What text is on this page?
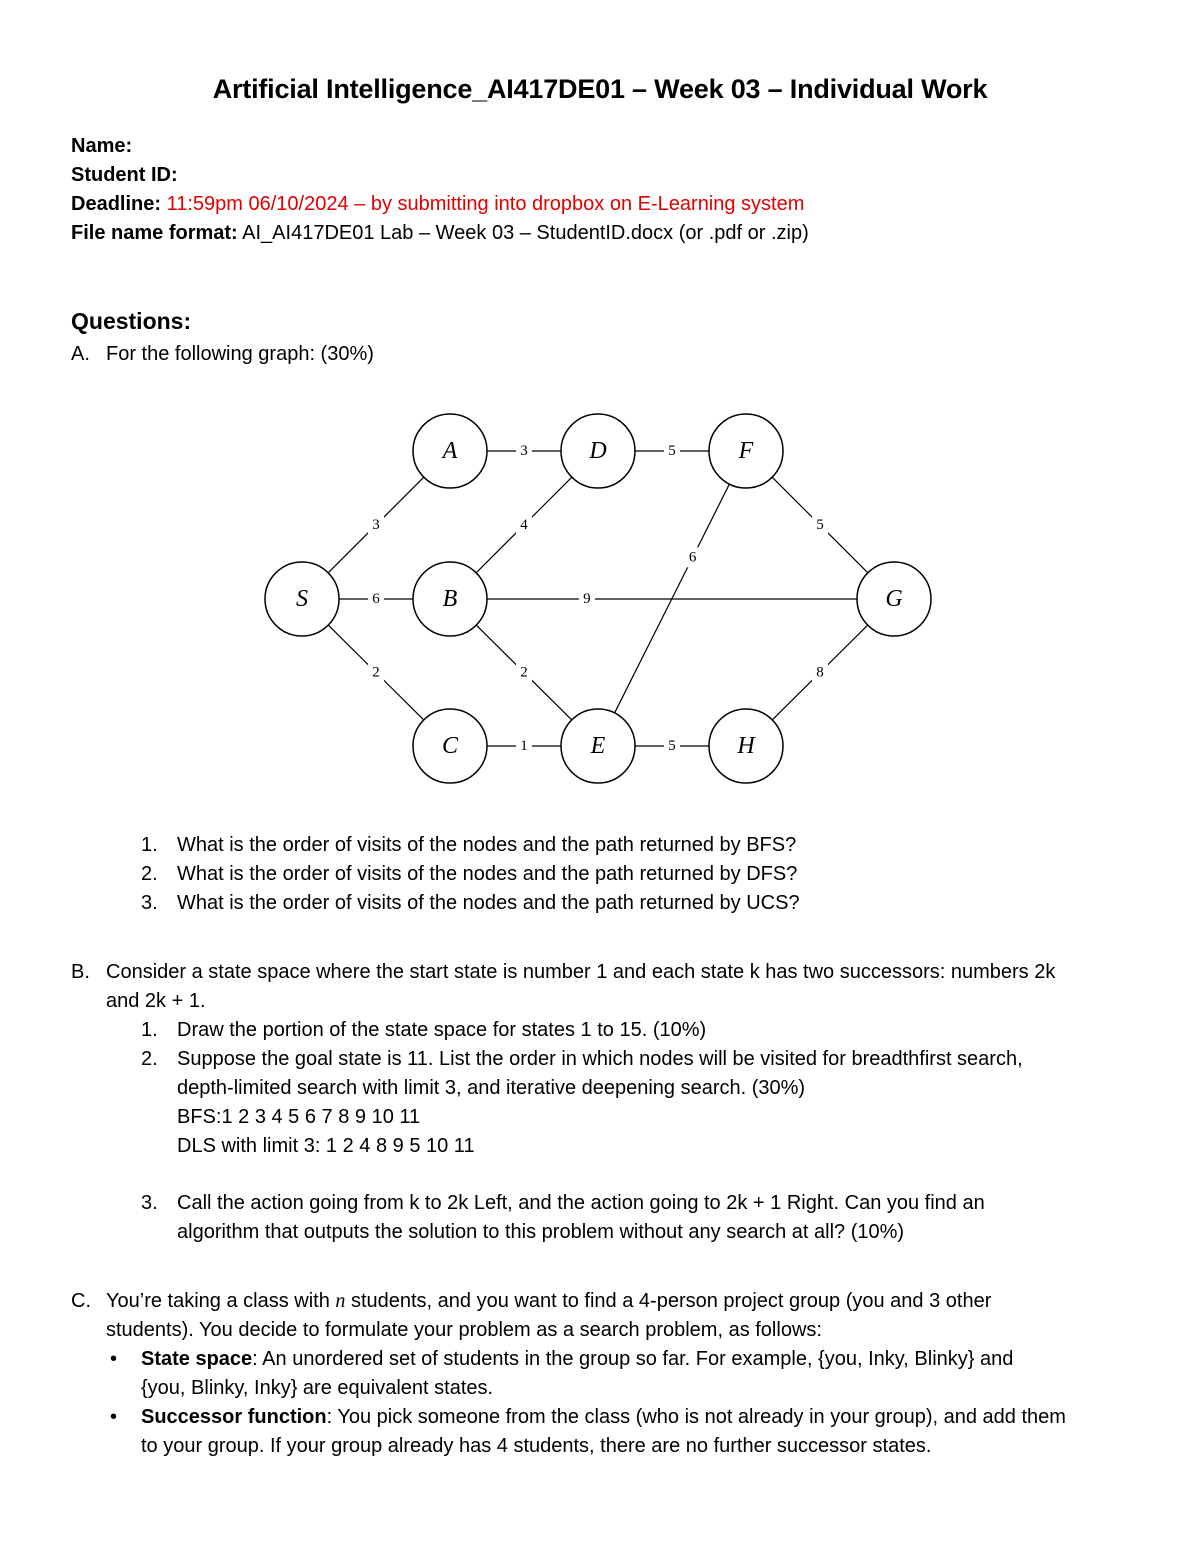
Artificial Intelligence_AI417DE01 – Week 03 – Individual Work
Name:
Student ID:
Deadline: 11:59pm 06/10/2024 – by submitting into dropbox on E-Learning system
File name format: AI_AI417DE01 Lab – Week 03 – StudentID.docx (or .pdf or .zip)
Questions:
A. For the following graph: (30%)
3
6
2
3
4
9
2
1
5
6
5
5
8
S
A
B
C
D
E
F
G
H
1. What is the order of visits of the nodes and the path returned by BFS?
2. What is the order of visits of the nodes and the path returned by DFS?
3. What is the order of visits of the nodes and the path returned by UCS?
B. Consider a state space where the start state is number 1 and each state k has two successors: numbers 2k
and 2k + 1.
1. Draw the portion of the state space for states 1 to 15. (10%)
2. Suppose the goal state is 11. List the order in which nodes will be visited for breadthfirst search,
depth-limited search with limit 3, and iterative deepening search. (30%)
BFS:1 2 3 4 5 6 7 8 9 10 11
DLS with limit 3: 1 2 4 8 9 5 10 11
3. Call the action going from k to 2k Left, and the action going to 2k + 1 Right. Can you find an
algorithm that outputs the solution to this problem without any search at all? (10%)
C. You’re taking a class with n students, and you want to find a 4-person project group (you and 3 other
students). You decide to formulate your problem as a search problem, as follows:
• State space: An unordered set of students in the group so far. For example, {you, Inky, Blinky} and
{you, Blinky, Inky} are equivalent states.
• Successor function: You pick someone from the class (who is not already in your group), and add them
to your group. If your group already has 4 students, there are no further successor states.
